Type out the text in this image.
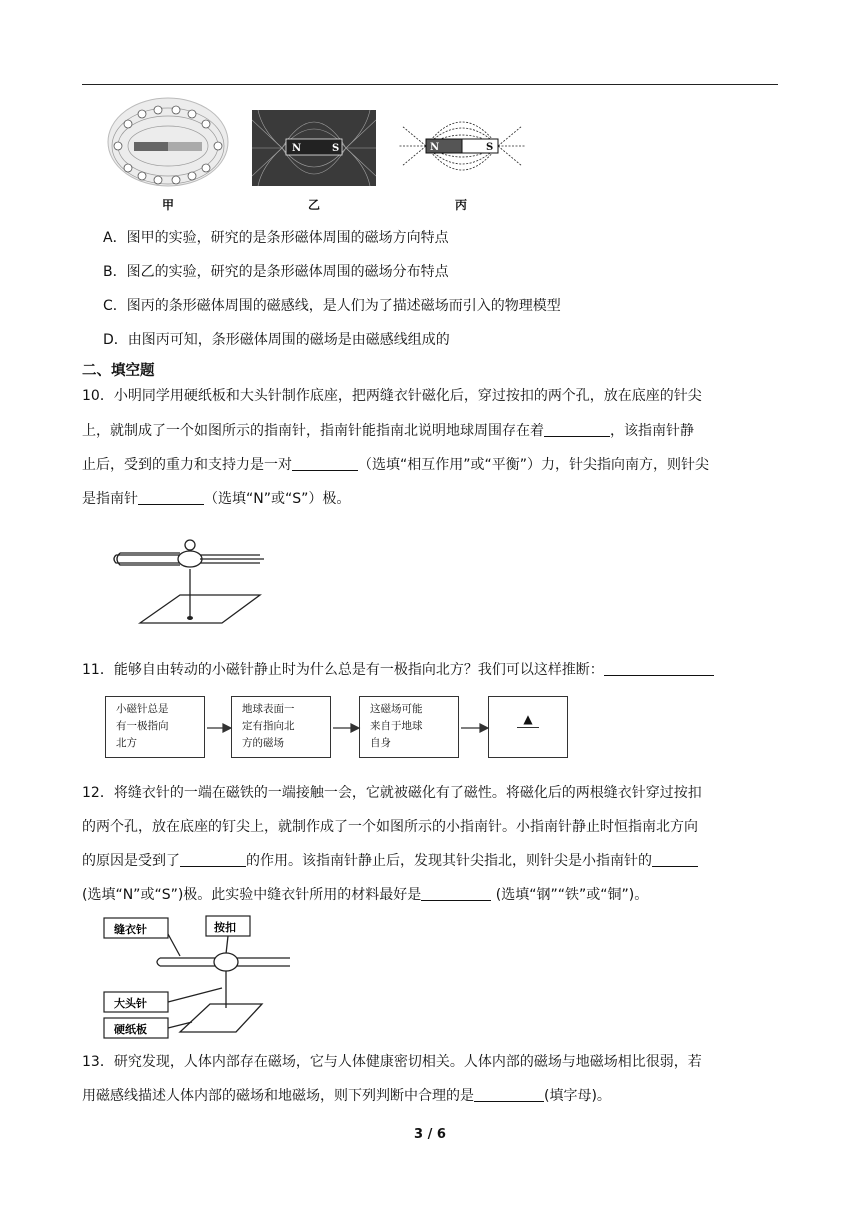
甲
N	S
乙
N	S
丙
A．图甲的实验，研究的是条形磁体周围的磁场方向特点
B．图乙的实验，研究的是条形磁体周围的磁场分布特点
C．图丙的条形磁体周围的磁感线，是人们为了描述磁场而引入的物理模型
D．由图丙可知，条形磁体周围的磁场是由磁感线组成的
二、填空题
10．小明同学用硬纸板和大头针制作底座，把两缝衣针磁化后，穿过按扣的两个孔，放在底座的针尖
上，就制成了一个如图所示的指南针，指南针能指南北说明地球周围存在着	，该指南针静
止后，受到的重力和支持力是一对	（选填“相互作用”或“平衡”）力，针尖指向南方，则针尖
是指南针	（选填“N”或“S”）极。
11．能够自由转动的小磁针静止时为什么总是有一极指向北方？我们可以这样推断：
小磁针总是
有一极指向
北方
地球表面一
定有指向北
方的磁场
这磁场可能
来自于地球
自身
▲
12．将缝衣针的一端在磁铁的一端接触一会，它就被磁化有了磁性。将磁化后的两根缝衣针穿过按扣
的两个孔，放在底座的钉尖上，就制作成了一个如图所示的小指南针。小指南针静止时恒指南北方向
的原因是受到了	的作用。该指南针静止后，发现其针尖指北，则针尖是小指南针的
(选填“N”或“S”)极。此实验中缝衣针所用的材料最好是	(选填“钢”“铁”或“铜”)。
缝衣针	按扣
大头针
硬纸板
13．研究发现，人体内部存在磁场，它与人体健康密切相关。人体内部的磁场与地磁场相比很弱，若
用磁感线描述人体内部的磁场和地磁场，则下列判断中合理的是	(填字母)。
3 / 6
